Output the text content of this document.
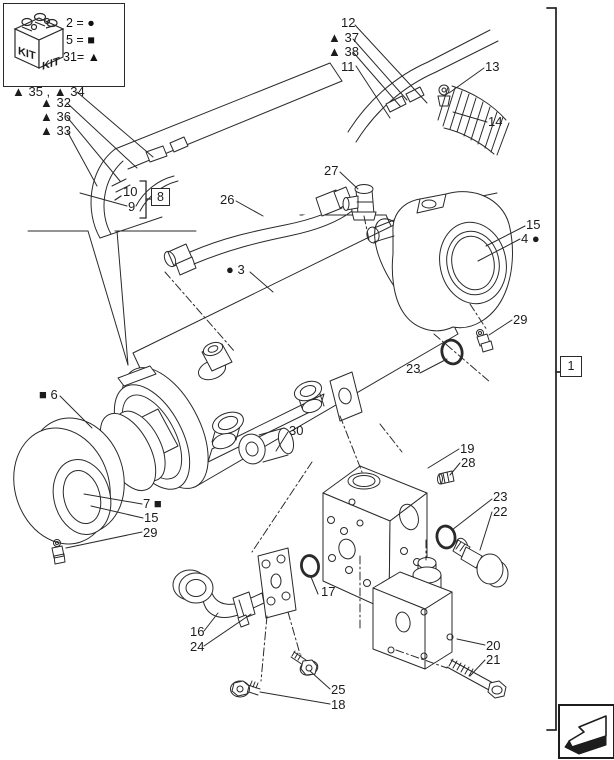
KIT
KIT
2 = ●
5 = ■
31= ▲
▲ 35 , ▲ 34
▲ 32
▲ 36
▲ 33
10
9
12
▲ 37
▲ 38
11	13
14
27
26
● 3
15
4 ●
29
23
■ 6
30
7 ■
15
29
19
28
23
22
17
16
24	20
21
25
18
8
1
